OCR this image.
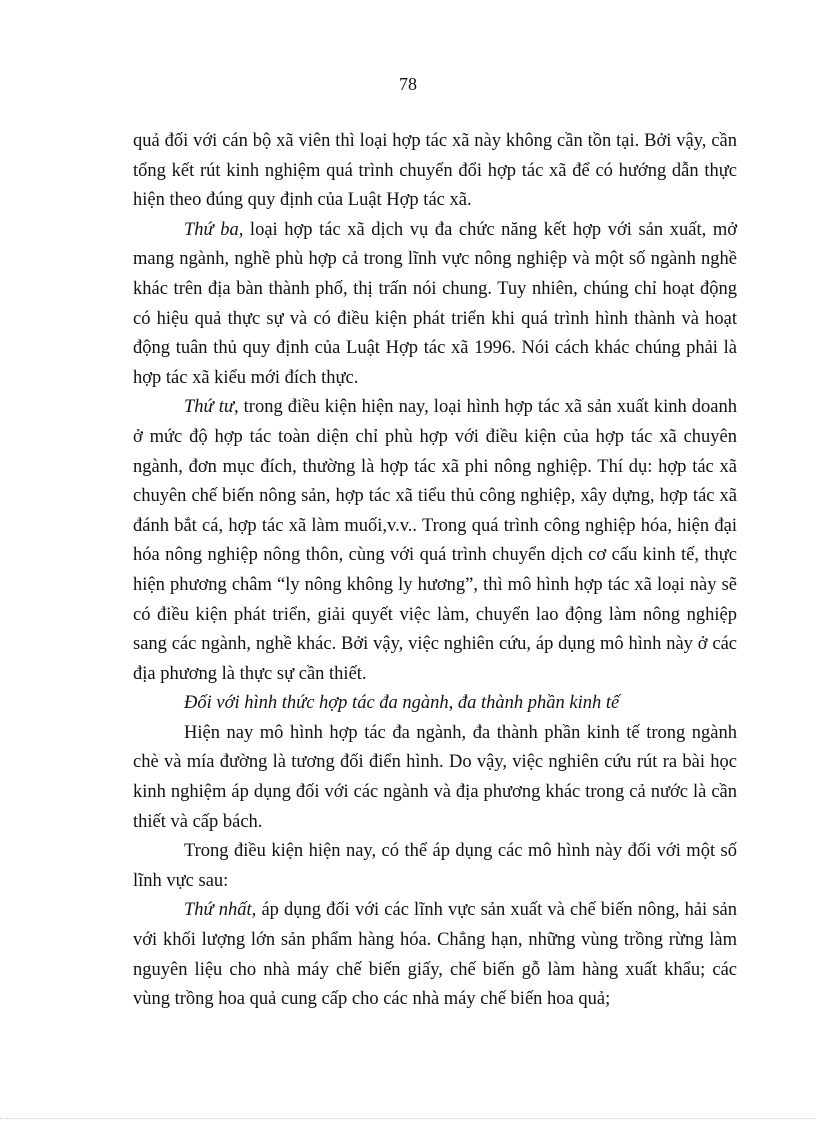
78

quả đối với cán bộ xã viên thì loại hợp tác xã này không cần tồn tại. Bởi vậy, cần tổng kết rút kinh nghiệm quá trình chuyển đổi hợp tác xã để có hướng dẫn thực hiện theo đúng quy định của Luật Hợp tác xã.

Thứ ba, loại hợp tác xã dịch vụ đa chức năng kết hợp với sản xuất, mở mang ngành, nghề phù hợp cả trong lĩnh vực nông nghiệp và một số ngành nghề khác trên địa bàn thành phố, thị trấn nói chung. Tuy nhiên, chúng chỉ hoạt động có hiệu quả thực sự và có điều kiện phát triển khi quá trình hình thành và hoạt động tuân thủ quy định của Luật Hợp tác xã 1996. Nói cách khác chúng phải là hợp tác xã kiểu mới đích thực.

Thứ tư, trong điều kiện hiện nay, loại hình hợp tác xã sản xuất kinh doanh ở mức độ hợp tác toàn diện chỉ phù hợp với điều kiện của hợp tác xã chuyên ngành, đơn mục đích, thường là hợp tác xã phi nông nghiệp. Thí dụ: hợp tác xã chuyên chế biến nông sản, hợp tác xã tiểu thủ công nghiệp, xây dựng, hợp tác xã đánh bắt cá, hợp tác xã làm muối,v.v.. Trong quá trình công nghiệp hóa, hiện đại hóa nông nghiệp nông thôn, cùng với quá trình chuyển dịch cơ cấu kinh tế, thực hiện phương châm “ly nông không ly hương”, thì mô hình hợp tác xã loại này sẽ có điều kiện phát triển, giải quyết việc làm, chuyển lao động làm nông nghiệp sang các ngành, nghề khác. Bởi vậy, việc nghiên cứu, áp dụng mô hình này ở các địa phương là thực sự cần thiết.

Đối với hình thức hợp tác đa ngành, đa thành phần kinh tế

Hiện nay mô hình hợp tác đa ngành, đa thành phần kinh tế trong ngành chè và mía đường là tương đối điển hình. Do vậy, việc nghiên cứu rút ra bài học kinh nghiệm áp dụng đối với các ngành và địa phương khác trong cả nước là cần thiết và cấp bách.

Trong điều kiện hiện nay, có thể áp dụng các mô hình này đối với một số lĩnh vực sau:

Thứ nhất, áp dụng đối với các lĩnh vực sản xuất và chế biến nông, hải sản với khối lượng lớn sản phẩm hàng hóa. Chẳng hạn, những vùng trồng rừng làm nguyên liệu cho nhà máy chế biến giấy, chế biến gỗ làm hàng xuất khẩu; các vùng trồng hoa quả cung cấp cho các nhà máy chế biến hoa quả;
